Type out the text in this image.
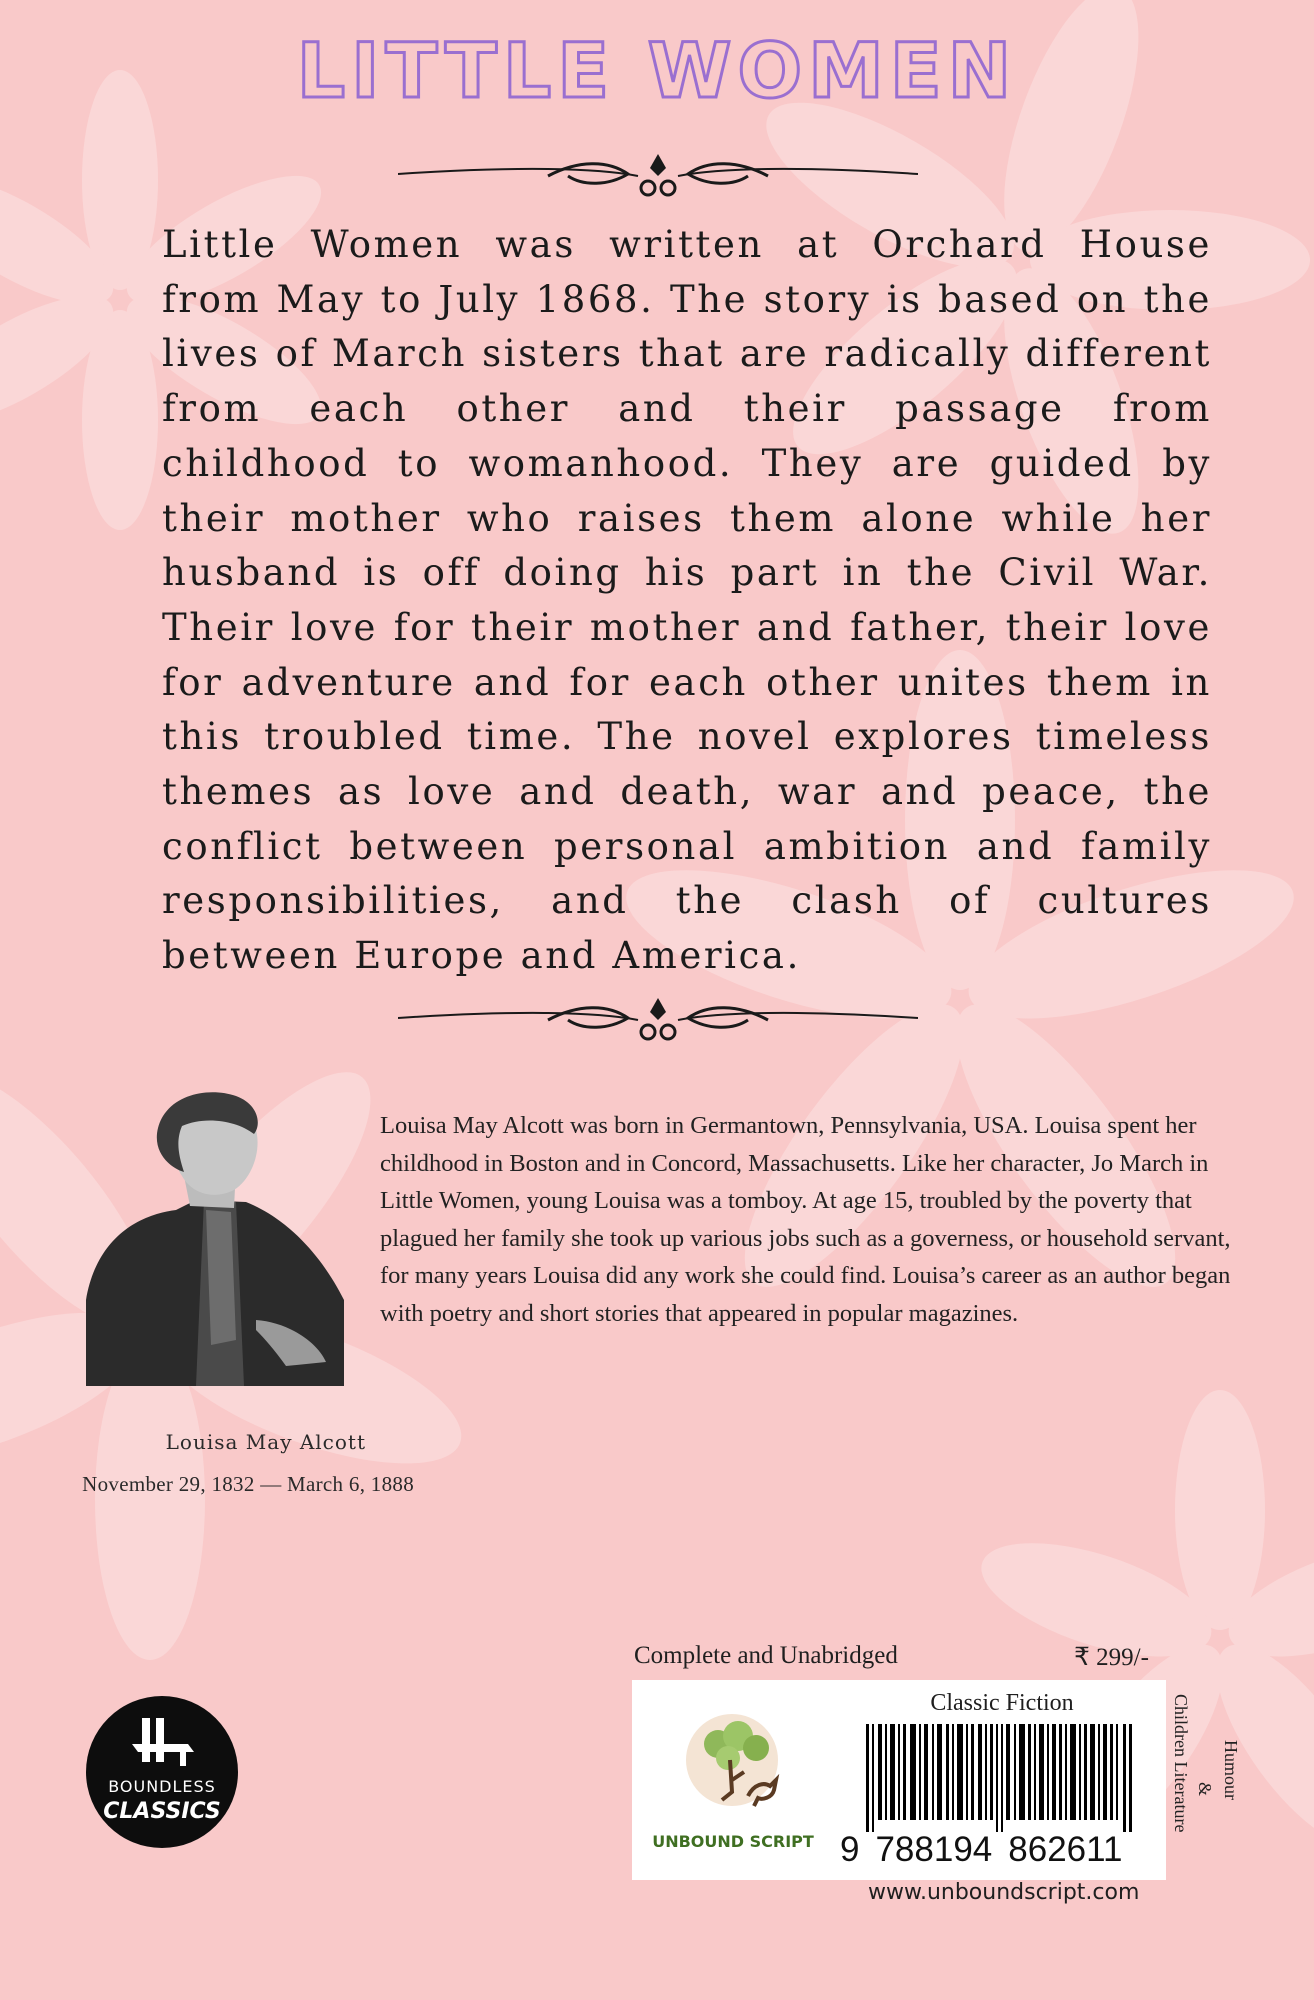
LITTLE WOMEN
Little Women was written at Orchard House from May to July 1868. The story is based on the lives of March sisters that are radically different from each other and their passage from childhood to womanhood. They are guided by their mother who raises them alone while her husband is off doing his part in the Civil War. Their love for their mother and father, their love for adventure and for each other unites them in this troubled time. The novel explores timeless themes as love and death, war and peace, the conflict between personal ambition and family responsibilities, and the clash of cultures between Europe and America.
Louisa May Alcott was born in Germantown, Pennsylvania, USA. Louisa spent her childhood in Boston and in Concord, Massachusetts. Like her character, Jo March in Little Women, young Louisa was a tomboy. At age 15, troubled by the poverty that plagued her family she took up various jobs such as a governess, or household servant, for many years Louisa did any work she could find. Louisa’s career as an author began with poetry and short stories that appeared in popular magazines.
Louisa May Alcott
November 29, 1832 — March 6, 1888
BOUNDLESS
CLASSICS
Complete and Unabridged	₹ 299/-
UNBOUND SCRIPT
Classic Fiction
9 788194 862611
Children Literature & Humour
www.unboundscript.com
